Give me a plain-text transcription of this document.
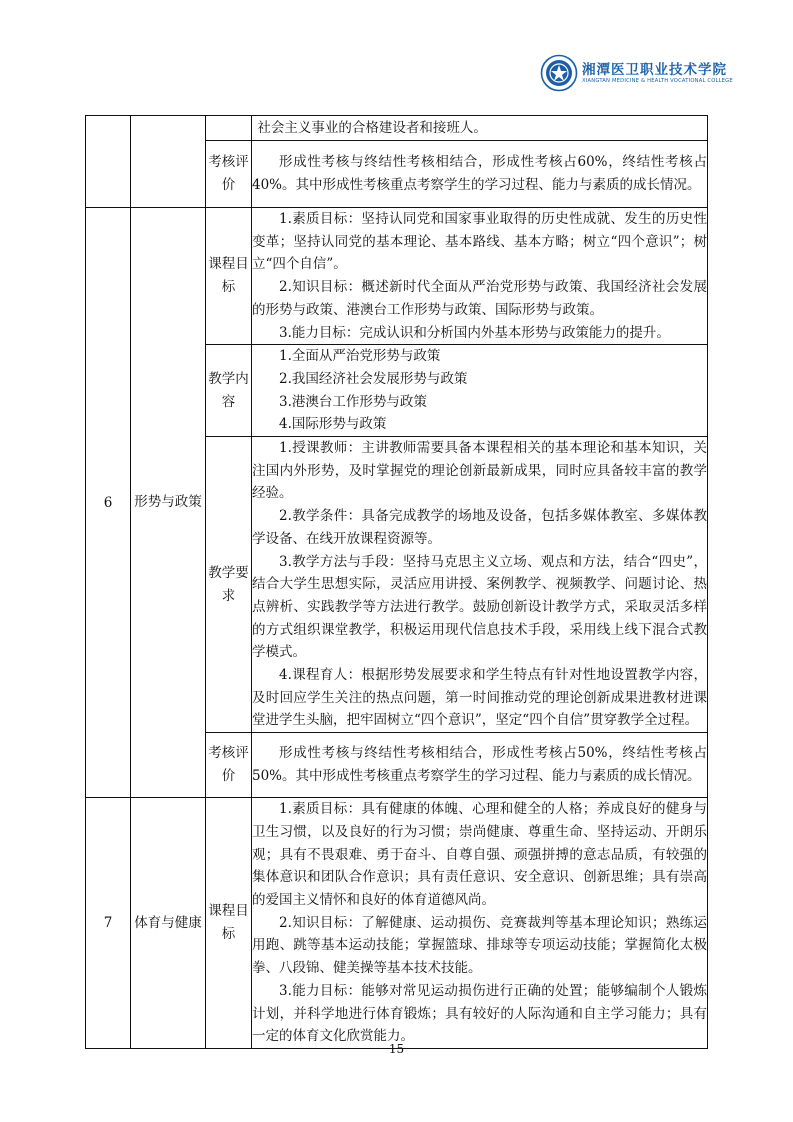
湘潭医卫职业技术学院
XIANGTAN MEDICINE & HEALTH VOCATIONAL COLLEGE

			社会主义事业的合格建设者和接班人。

		考核评价	形成性考核与终结性考核相结合，形成性考核占60%，终结性考核占40%。其中形成性考核重点考察学生的学习过程、能力与素质的成长情况。

6	形势与政策	课程目标	1.素质目标：坚持认同党和国家事业取得的历史性成就、发生的历史性变革；坚持认同党的基本理论、基本路线、基本方略；树立“四个意识”；树立“四个自信”。

2.知识目标：概述新时代全面从严治党形势与政策、我国经济社会发展的形势与政策、港澳台工作形势与政策、国际形势与政策。

3.能力目标：完成认识和分析国内外基本形势与政策能力的提升。

		教学内容	1.全面从严治党形势与政策

2.我国经济社会发展形势与政策

3.港澳台工作形势与政策

4.国际形势与政策

		教学要求	1.授课教师：主讲教师需要具备本课程相关的基本理论和基本知识，关注国内外形势，及时掌握党的理论创新最新成果，同时应具备较丰富的教学经验。

2.教学条件：具备完成教学的场地及设备，包括多媒体教室、多媒体教学设备、在线开放课程资源等。

3.教学方法与手段：坚持马克思主义立场、观点和方法，结合“四史”，结合大学生思想实际，灵活应用讲授、案例教学、视频教学、问题讨论、热点辨析、实践教学等方法进行教学。鼓励创新设计教学方式，采取灵活多样的方式组织课堂教学，积极运用现代信息技术手段，采用线上线下混合式教学模式。

4.课程育人：根据形势发展要求和学生特点有针对性地设置教学内容，及时回应学生关注的热点问题，第一时间推动党的理论创新成果进教材进课堂进学生头脑，把牢固树立“四个意识”，坚定“四个自信”贯穿教学全过程。

		考核评价	形成性考核与终结性考核相结合，形成性考核占50%，终结性考核占50%。其中形成性考核重点考察学生的学习过程、能力与素质的成长情况。

7	体育与健康	课程目标	1.素质目标：具有健康的体魄、心理和健全的人格；养成良好的健身与卫生习惯，以及良好的行为习惯；崇尚健康、尊重生命、坚持运动、开朗乐观；具有不畏艰难、勇于奋斗、自尊自强、顽强拼搏的意志品质，有较强的集体意识和团队合作意识；具有责任意识、安全意识、创新思维；具有崇高的爱国主义情怀和良好的体育道德风尚。

2.知识目标：了解健康、运动损伤、竞赛裁判等基本理论知识；熟练运用跑、跳等基本运动技能；掌握篮球、排球等专项运动技能；掌握简化太极拳、八段锦、健美操等基本技术技能。

3.能力目标：能够对常见运动损伤进行正确的处置；能够编制个人锻炼计划，并科学地进行体育锻炼；具有较好的人际沟通和自主学习能力；具有一定的体育文化欣赏能力。

15
